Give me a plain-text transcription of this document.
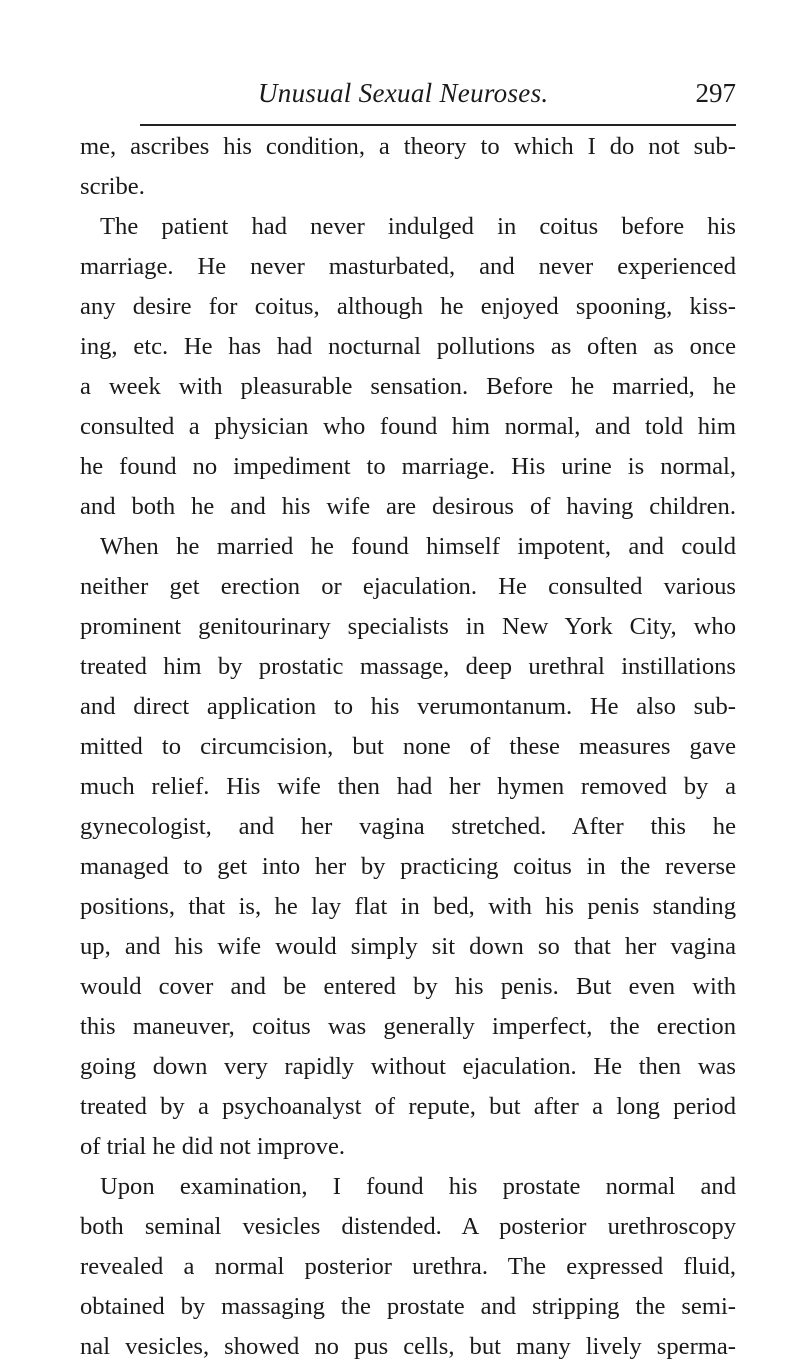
Unusual Sexual Neuroses.	297
me, ascribes his condition, a theory to which I do not sub-
scribe.
The patient had never indulged in coitus before his
marriage. He never masturbated, and never experienced
any desire for coitus, although he enjoyed spooning, kiss-
ing, etc. He has had nocturnal pollutions as often as once
a week with pleasurable sensation. Before he married, he
consulted a physician who found him normal, and told him
he found no impediment to marriage. His urine is normal,
and both he and his wife are desirous of having children.
When he married he found himself impotent, and could
neither get erection or ejaculation. He consulted various
prominent genitourinary specialists in New York City, who
treated him by prostatic massage, deep urethral instillations
and direct application to his verumontanum. He also sub-
mitted to circumcision, but none of these measures gave
much relief. His wife then had her hymen removed by a
gynecologist, and her vagina stretched. After this he
managed to get into her by practicing coitus in the reverse
positions, that is, he lay flat in bed, with his penis standing
up, and his wife would simply sit down so that her vagina
would cover and be entered by his penis. But even with
this maneuver, coitus was generally imperfect, the erection
going down very rapidly without ejaculation. He then was
treated by a psychoanalyst of repute, but after a long period
of trial he did not improve.
Upon examination, I found his prostate normal and
both seminal vesicles distended. A posterior urethroscopy
revealed a normal posterior urethra. The expressed fluid,
obtained by massaging the prostate and stripping the semi-
nal vesicles, showed no pus cells, but many lively sperma-
